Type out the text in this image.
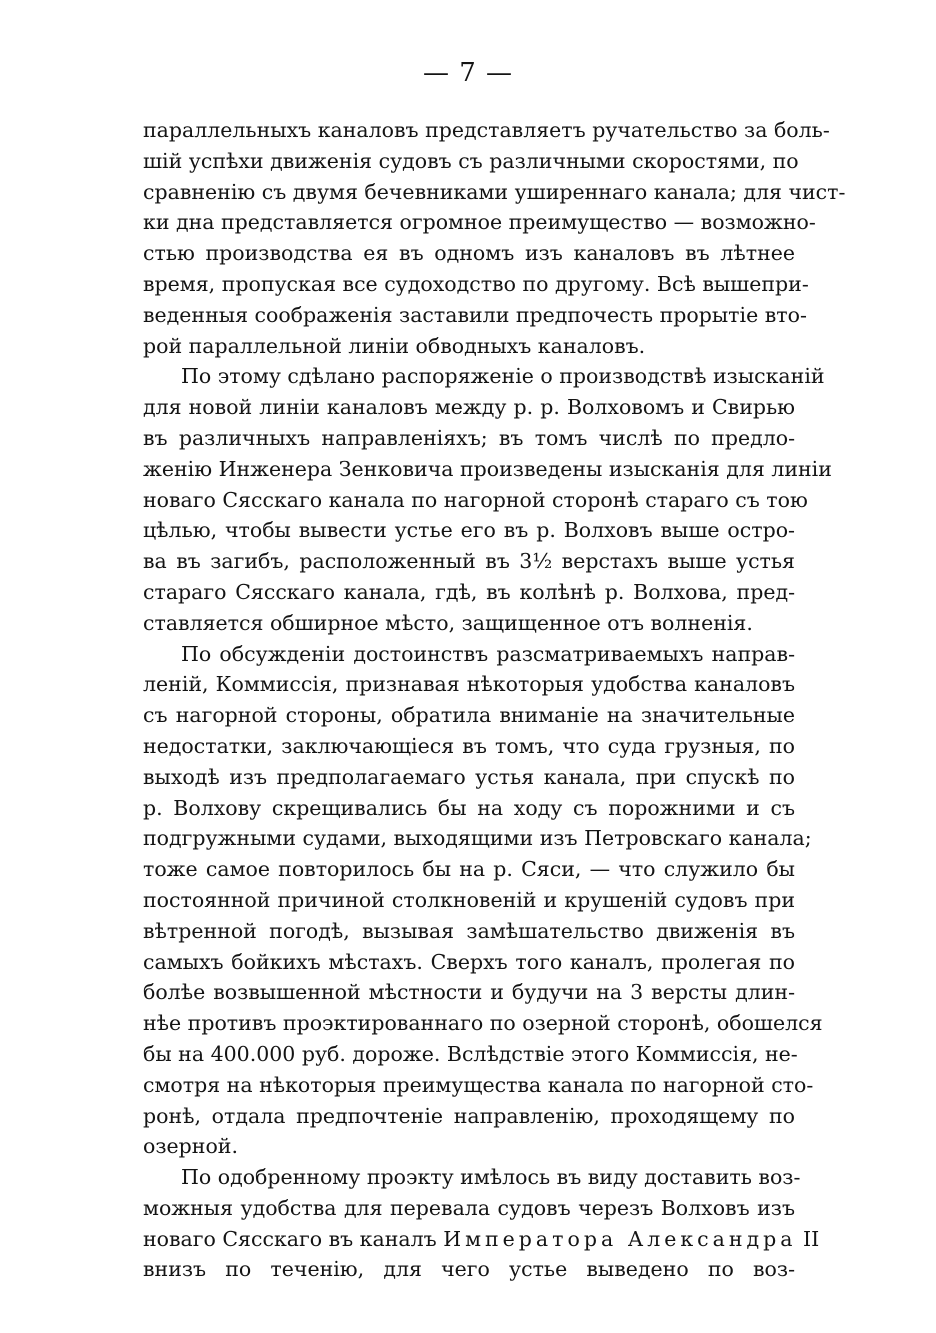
— 7 —
параллельныхъ каналовъ представляетъ ручательство за боль-
шій успѣхи движенія судовъ съ различными скоростями, по
сравненію съ двумя бечевниками уширеннаго канала; для чист-
ки дна представляется огромное преимущество — возможно-
стью производства ея въ одномъ изъ каналовъ въ лѣтнее
время, пропуская все судоходство по другому. Всѣ вышепри-
веденныя соображенія заставили предпочесть прорытіе вто-
рой параллельной линіи обводныхъ каналовъ.
По этому сдѣлано распоряженіе о производствѣ изысканій
для новой линіи каналовъ между р. р. Волховомъ и Свирью
въ различныхъ направленіяхъ; въ томъ числѣ по предло-
женію Инженера Зенковича произведены изысканія для линіи
новаго Сясскаго канала по нагорной сторонѣ стараго съ тою
цѣлью, чтобы вывести устье его въ р. Волховъ выше остро-
ва въ загибъ, расположенный въ 3½ верстахъ выше устья
стараго Сясскаго канала, гдѣ, въ колѣнѣ р. Волхова, пред-
ставляется обширное мѣсто, защищенное отъ волненія.
По обсужденіи достоинствъ разсматриваемыхъ направ-
леній, Коммиссія, признавая нѣкоторыя удобства каналовъ
съ нагорной стороны, обратила вниманіе на значительные
недостатки, заключающіеся въ томъ, что суда грузныя, по
выходѣ изъ предполагаемаго устья канала, при спускѣ по
р. Волхову скрещивались бы на ходу съ порожними и съ
подгружными судами, выходящими изъ Петровскаго канала;
тоже самое повторилось бы на р. Сяси, — что служило бы
постоянной причиной столкновеній и крушеній судовъ при
вѣтренной погодѣ, вызывая замѣшательство движенія въ
самыхъ бойкихъ мѣстахъ. Сверхъ того каналъ, пролегая по
болѣе возвышенной мѣстности и будучи на 3 версты длин-
нѣе противъ проэктированнаго по озерной сторонѣ, обошелся
бы на 400.000 руб. дороже. Вслѣдствіе этого Коммиссія, не-
смотря на нѣкоторыя преимущества канала по нагорной сто-
ронѣ, отдала предпочтеніе направленію, проходящему по
озерной.
По одобренному проэкту имѣлось въ виду доставить воз-
можныя удобства для перевала судовъ черезъ Волховъ изъ
новаго Сясскаго въ каналъ Императора Александра II
внизъ по теченію, для чего устье выведено по воз-
